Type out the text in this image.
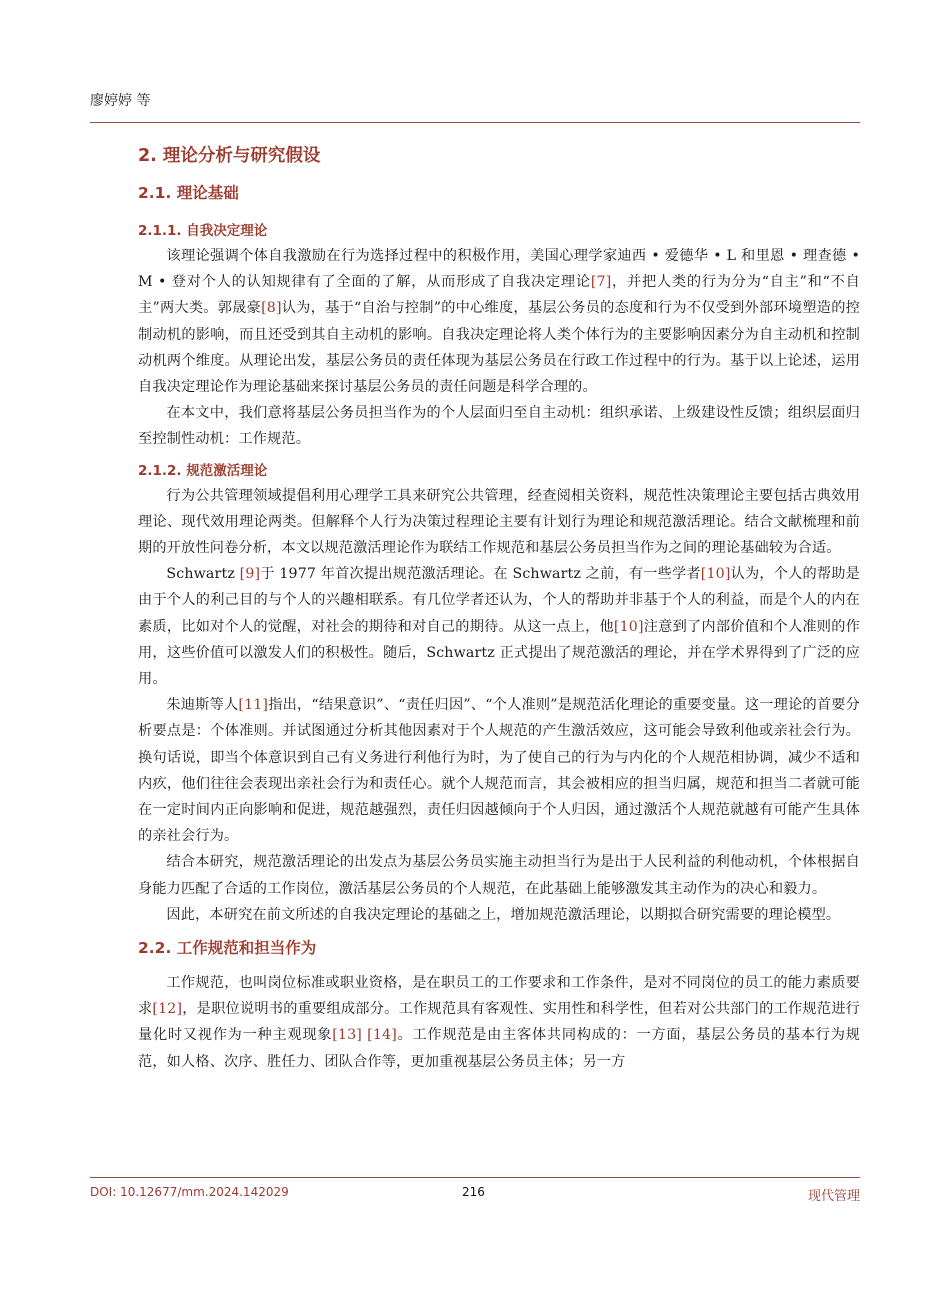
廖婷婷 等
2. 理论分析与研究假设
2.1. 理论基础
2.1.1. 自我决定理论

该理论强调个体自我激励在行为选择过程中的积极作用，美国心理学家迪西 • 爱德华 • L 和里恩 • 理查德 • M • 登对个人的认知规律有了全面的了解，从而形成了自我决定理论[7]，并把人类的行为分为“自主”和“不自主”两大类。郭晟豪[8]认为，基于“自治与控制”的中心维度，基层公务员的态度和行为不仅受到外部环境塑造的控制动机的影响，而且还受到其自主动机的影响。自我决定理论将人类个体行为的主要影响因素分为自主动机和控制动机两个维度。从理论出发，基层公务员的责任体现为基层公务员在行政工作过程中的行为。基于以上论述，运用自我决定理论作为理论基础来探讨基层公务员的责任问题是科学合理的。

在本文中，我们意将基层公务员担当作为的个人层面归至自主动机：组织承诺、上级建设性反馈；组织层面归至控制性动机：工作规范。

2.1.2. 规范激活理论

行为公共管理领域提倡利用心理学工具来研究公共管理，经查阅相关资料，规范性决策理论主要包括古典效用理论、现代效用理论两类。但解释个人行为决策过程理论主要有计划行为理论和规范激活理论。结合文献梳理和前期的开放性问卷分析，本文以规范激活理论作为联结工作规范和基层公务员担当作为之间的理论基础较为合适。

Schwartz [9]于 1977 年首次提出规范激活理论。在 Schwartz 之前，有一些学者[10]认为，个人的帮助是由于个人的利己目的与个人的兴趣相联系。有几位学者还认为，个人的帮助并非基于个人的利益，而是个人的内在素质，比如对个人的觉醒，对社会的期待和对自己的期待。从这一点上，他[10]注意到了内部价值和个人准则的作用，这些价值可以激发人们的积极性。随后，Schwartz 正式提出了规范激活的理论，并在学术界得到了广泛的应用。

朱迪斯等人[11]指出，“结果意识”、“责任归因”、“个人准则”是规范活化理论的重要变量。这一理论的首要分析要点是：个体准则。并试图通过分析其他因素对于个人规范的产生激活效应，这可能会导致利他或亲社会行为。换句话说，即当个体意识到自己有义务进行利他行为时，为了使自己的行为与内化的个人规范相协调，减少不适和内疚，他们往往会表现出亲社会行为和责任心。就个人规范而言，其会被相应的担当归属，规范和担当二者就可能在一定时间内正向影响和促进，规范越强烈，责任归因越倾向于个人归因，通过激活个人规范就越有可能产生具体的亲社会行为。

结合本研究，规范激活理论的出发点为基层公务员实施主动担当行为是出于人民利益的利他动机，个体根据自身能力匹配了合适的工作岗位，激活基层公务员的个人规范，在此基础上能够激发其主动作为的决心和毅力。

因此，本研究在前文所述的自我决定理论的基础之上，增加规范激活理论，以期拟合研究需要的理论模型。

2.2. 工作规范和担当作为

工作规范，也叫岗位标准或职业资格，是在职员工的工作要求和工作条件，是对不同岗位的员工的能力素质要求[12]，是职位说明书的重要组成部分。工作规范具有客观性、实用性和科学性，但若对公共部门的工作规范进行量化时又视作为一种主观现象[13] [14]。工作规范是由主客体共同构成的：一方面，基层公务员的基本行为规范，如人格、次序、胜任力、团队合作等，更加重视基层公务员主体；另一方

DOI: 10.12677/mm.2024.142029	216	现代管理
